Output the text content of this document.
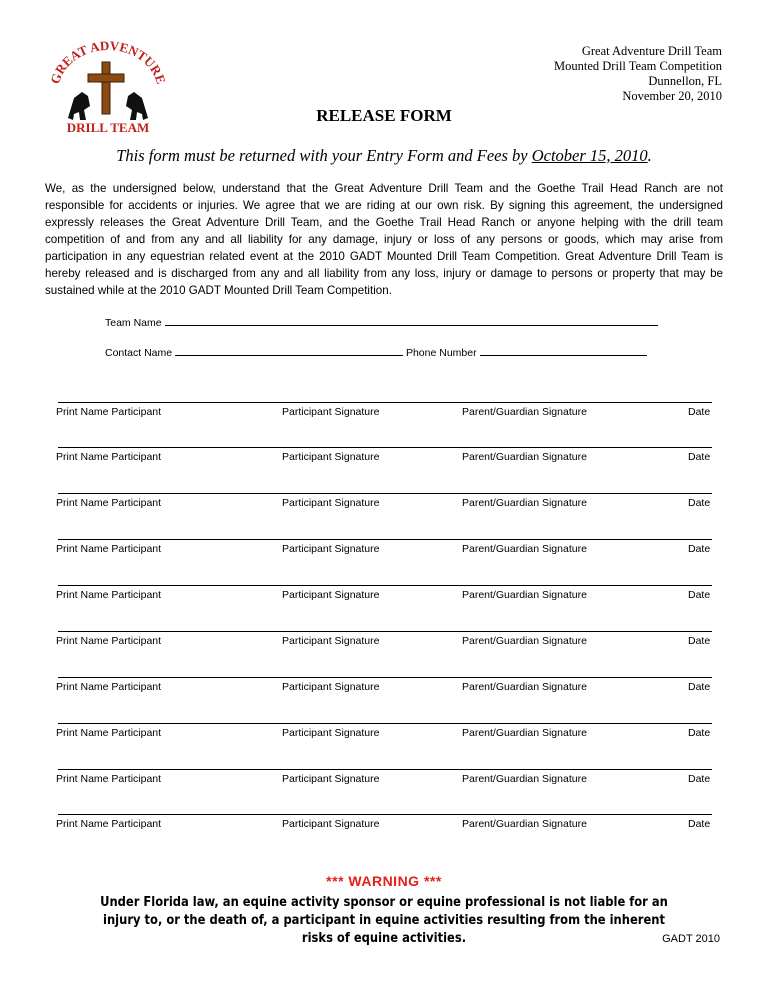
GREAT ADVENTURE
DRILL TEAM
Great Adventure Drill Team
Mounted Drill Team Competition
Dunnellon, FL
November 20, 2010
RELEASE FORM
This form must be returned with your Entry Form and Fees by October 15, 2010.
We, as the undersigned below, understand that the Great Adventure Drill Team and the Goethe Trail Head Ranch are not responsible for accidents or injuries. We agree that we are riding at our own risk. By signing this agreement, the undersigned expressly releases the Great Adventure Drill Team, and the Goethe Trail Head Ranch or anyone helping with the drill team competition of and from any and all liability for any damage, injury or loss of any persons or goods, which may arise from participation in any equestrian related event at the 2010 GADT Mounted Drill Team Competition. Great Adventure Drill Team is hereby released and is discharged from any and all liability from any loss, injury or damage to persons or property that may be sustained while at the 2010 GADT Mounted Drill Team Competition.
Team Name
Contact Name	Phone Number
Print Name Participant	Participant Signature	Parent/Guardian Signature	Date
Print Name Participant	Participant Signature	Parent/Guardian Signature	Date
Print Name Participant	Participant Signature	Parent/Guardian Signature	Date
Print Name Participant	Participant Signature	Parent/Guardian Signature	Date
Print Name Participant	Participant Signature	Parent/Guardian Signature	Date
Print Name Participant	Participant Signature	Parent/Guardian Signature	Date
Print Name Participant	Participant Signature	Parent/Guardian Signature	Date
Print Name Participant	Participant Signature	Parent/Guardian Signature	Date
Print Name Participant	Participant Signature	Parent/Guardian Signature	Date
Print Name Participant	Participant Signature	Parent/Guardian Signature	Date
*** WARNING ***
Under Florida law, an equine activity sponsor or equine professional is not liable for an injury to, or the death of, a participant in equine activities resulting from the inherent risks of equine activities.	GADT 2010
